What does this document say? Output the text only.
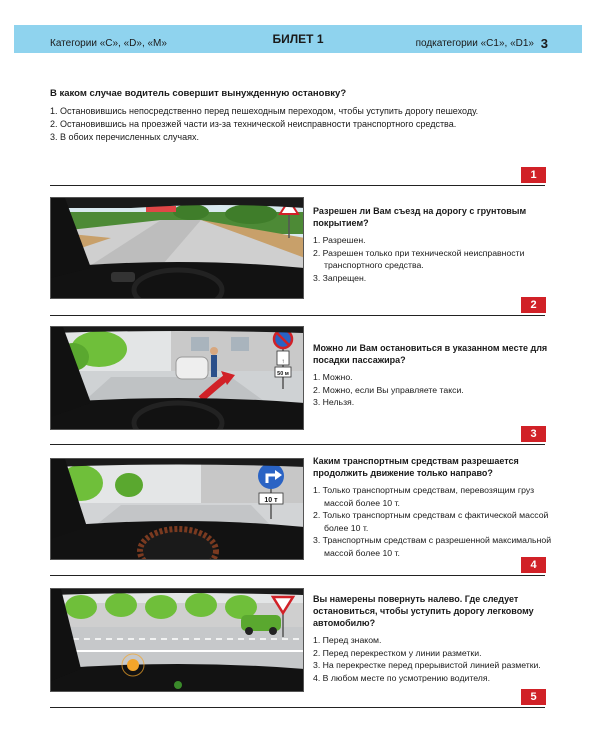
Категории «C», «D», «M»	БИЛЕТ 1	подкатегории «C1», «D1» 3
В каком случае водитель совершит вынужденную остановку?
1. Остановившись непосредственно перед пешеходным переходом, чтобы уступить дорогу пешеходу.
2. Остановившись на проезжей части из-за технической неисправности транспортного средства.
3. В обоих перечисленных случаях.
1
Разрешен ли Вам съезд на дорогу с грунтовым покрытием?
1. Разрешен.
2. Разрешен только при технической неисправности транспортного средства.
3. Запрещен.
2
↑
50 м
Можно ли Вам остановиться в указанном месте для посадки пассажира?
1. Можно.
2. Можно, если Вы управляете такси.
3. Нельзя.
3
10 т
Каким транспортным средствам разрешается продолжить движение только направо?
1. Только транспортным средствам, перевозящим груз массой более 10 т.
2. Только транспортным средствам с фактической массой более 10 т.
3. Транспортным средствам с разрешенной максимальной массой более 10 т.
4
Вы намерены повернуть налево. Где следует остановиться, чтобы уступить дорогу легковому автомобилю?
1. Перед знаком.
2. Перед перекрестком у линии разметки.
3. На перекрестке перед прерывистой линией разметки.
4. В любом месте по усмотрению водителя.
5
